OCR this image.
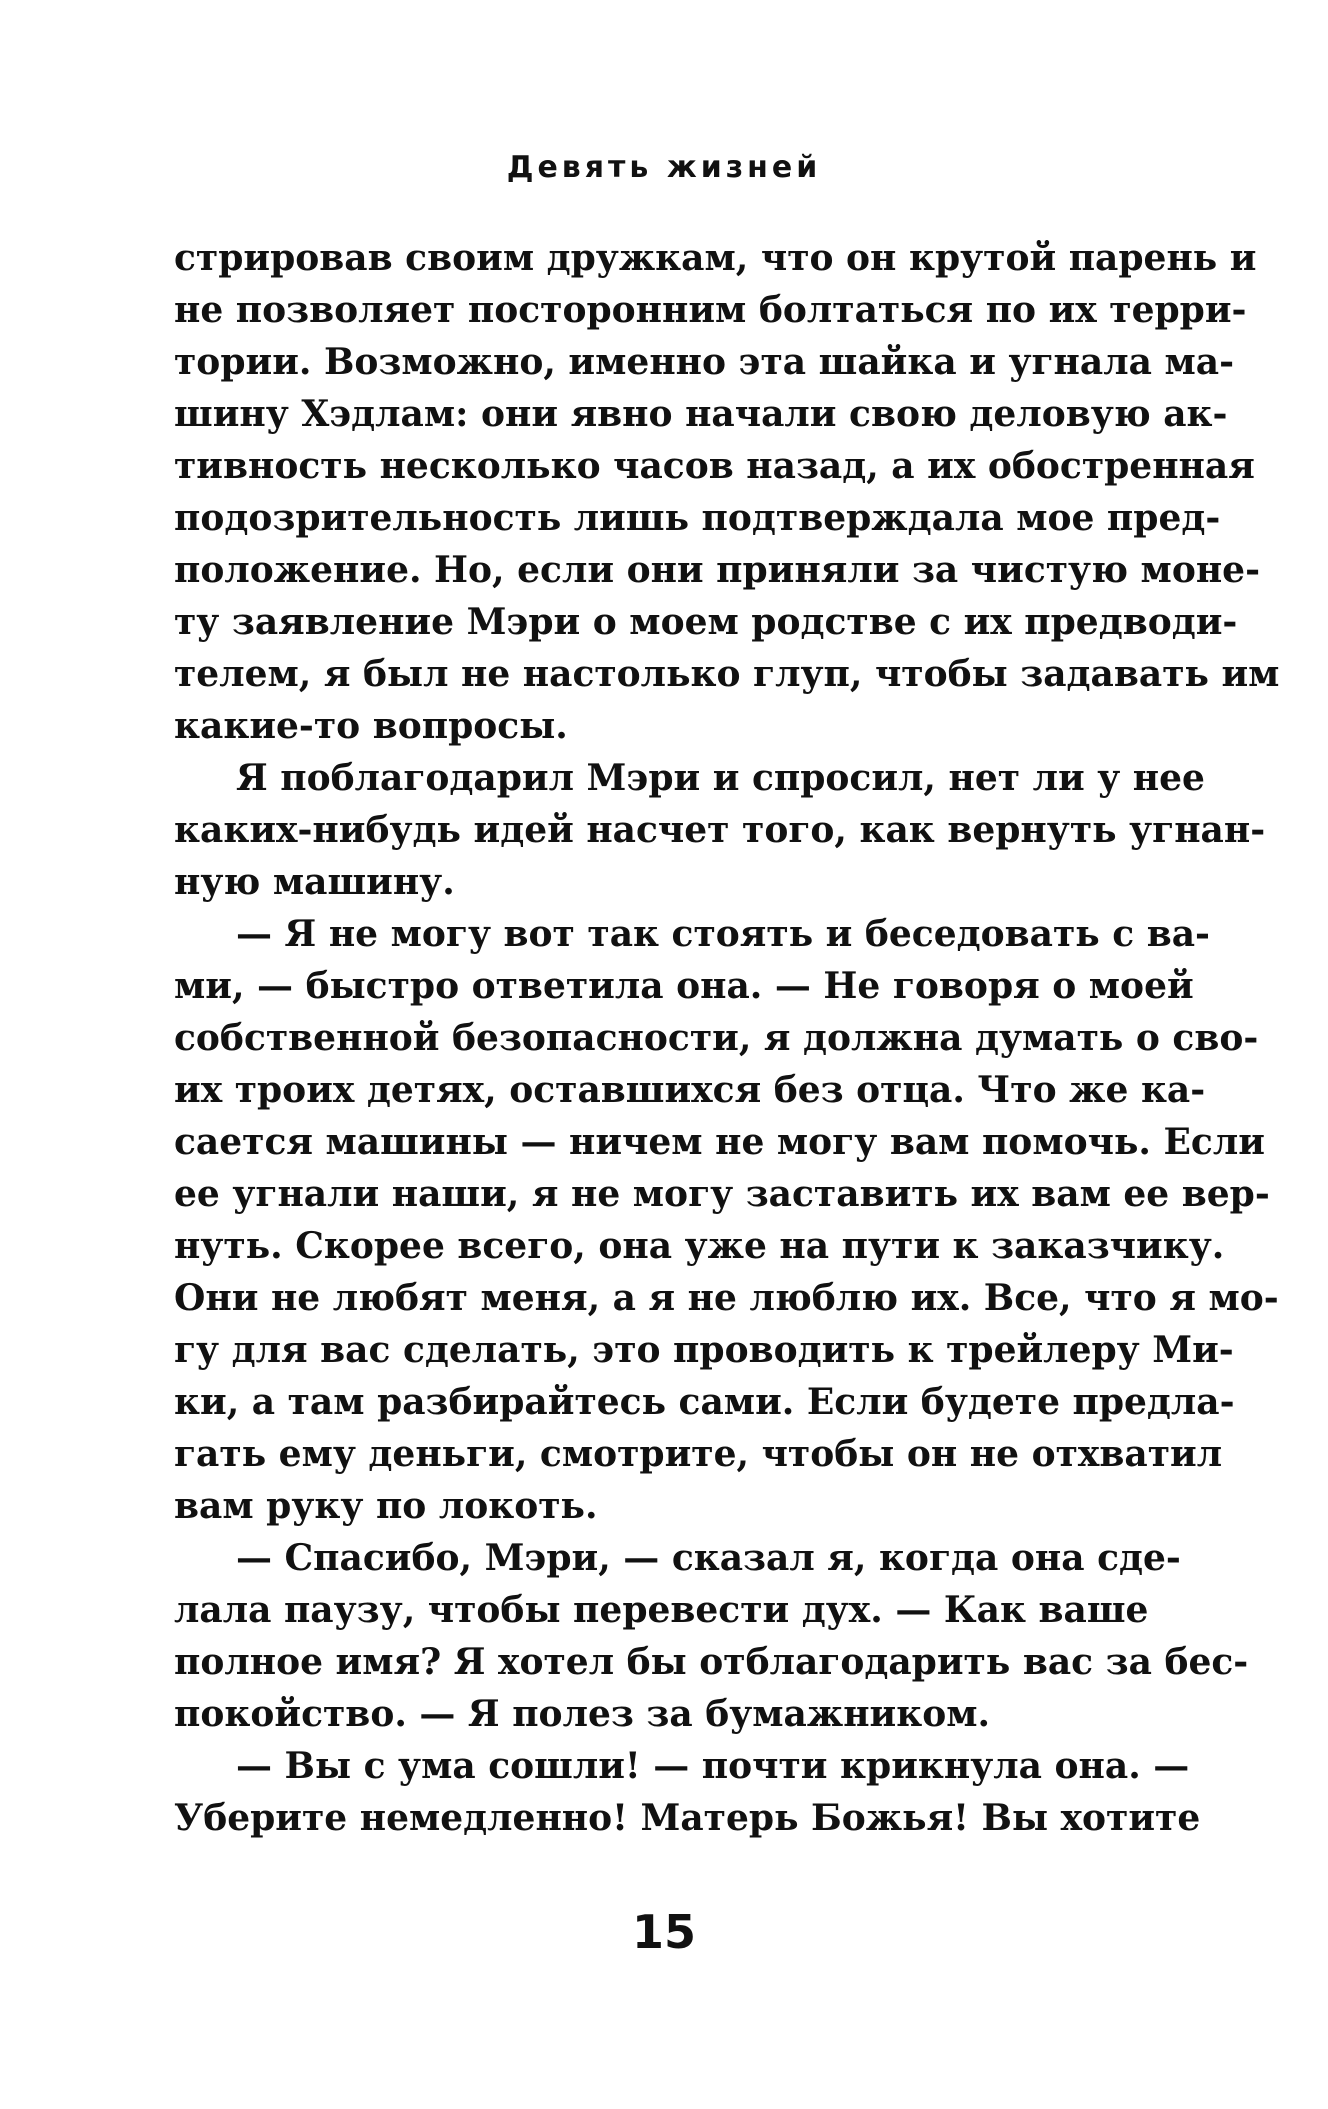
Девять жизней
стрировав своим дружкам, что он крутой парень и
не позволяет посторонним болтаться по их терри-
тории. Возможно, именно эта шайка и угнала ма-
шину Хэдлам: они явно начали свою деловую ак-
тивность несколько часов назад, а их обостренная
подозрительность лишь подтверждала мое пред-
положение. Но, если они приняли за чистую моне-
ту заявление Мэри о моем родстве с их предводи-
телем, я был не настолько глуп, чтобы задавать им
какие-то вопросы.
Я поблагодарил Мэри и спросил, нет ли у нее
каких-нибудь идей насчет того, как вернуть угнан-
ную машину.
— Я не могу вот так стоять и беседовать с ва-
ми, — быстро ответила она. — Не говоря о моей
собственной безопасности, я должна думать о сво-
их троих детях, оставшихся без отца. Что же ка-
сается машины — ничем не могу вам помочь. Если
ее угнали наши, я не могу заставить их вам ее вер-
нуть. Скорее всего, она уже на пути к заказчику.
Они не любят меня, а я не люблю их. Все, что я мо-
гу для вас сделать, это проводить к трейлеру Ми-
ки, а там разбирайтесь сами. Если будете предла-
гать ему деньги, смотрите, чтобы он не отхватил
вам руку по локоть.
— Спасибо, Мэри, — сказал я, когда она сде-
лала паузу, чтобы перевести дух. — Как ваше
полное имя? Я хотел бы отблагодарить вас за бес-
покойство. — Я полез за бумажником.
— Вы с ума сошли! — почти крикнула она. —
Уберите немедленно! Матерь Божья! Вы хотите
15
